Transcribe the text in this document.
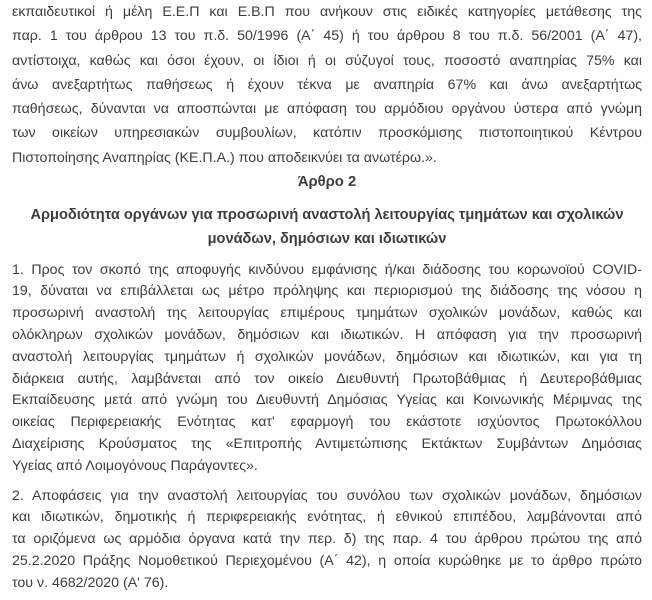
εκπαιδευτικοί ή μέλη Ε.Ε.Π και Ε.Β.Π που ανήκουν στις ειδικές κατηγορίες μετάθεσης της
παρ. 1 του άρθρου 13 του π.δ. 50/1996 (Α΄ 45) ή του άρθρου 8 του π.δ. 56/2001 (Α΄ 47),
αντίστοιχα, καθώς και όσοι έχουν, οι ίδιοι ή οι σύζυγοί τους, ποσοστό αναπηρίας 75% και
άνω ανεξαρτήτως παθήσεως ή έχουν τέκνα με αναπηρία 67% και άνω ανεξαρτήτως
παθήσεως, δύνανται να αποσπώνται με απόφαση του αρμόδιου οργάνου ύστερα από γνώμη
των οικείων υπηρεσιακών συμβουλίων, κατόπιν προσκόμισης πιστοποιητικού Κέντρου
Πιστοποίησης Αναπηρίας (ΚΕ.Π.Α.) που αποδεικνύει τα ανωτέρω.».
Άρθρο 2
Αρμοδιότητα οργάνων για προσωρινή αναστολή λειτουργίας τμημάτων και σχολικών
μονάδων, δημόσιων και ιδιωτικών
1. Προς τον σκοπό της αποφυγής κινδύνου εμφάνισης ή/και διάδοσης του κορωνοϊού COVID-
19, δύναται να επιβάλλεται ως μέτρο πρόληψης και περιορισμού της διάδοσης της νόσου η
προσωρινή αναστολή της λειτουργίας επιμέρους τμημάτων σχολικών μονάδων, καθώς και
ολόκληρων σχολικών μονάδων, δημόσιων και ιδιωτικών. Η απόφαση για την προσωρινή
αναστολή λειτουργίας τμημάτων ή σχολικών μονάδων, δημόσιων και ιδιωτικών, και για τη
διάρκεια αυτής, λαμβάνεται από τον οικείο Διευθυντή Πρωτοβάθμιας ή Δευτεροβάθμιας
Εκπαίδευσης μετά από γνώμη του Διευθυντή Δημόσιας Υγείας και Κοινωνικής Μέριμνας της
οικείας Περιφερειακής Ενότητας κατ' εφαρμογή του εκάστοτε ισχύοντος Πρωτοκόλλου
Διαχείρισης Κρούσματος της «Επιτροπής Αντιμετώπισης Εκτάκτων Συμβάντων Δημόσιας
Υγείας από Λοιμογόνους Παράγοντες».
2. Αποφάσεις για την αναστολή λειτουργίας του συνόλου των σχολικών μονάδων, δημόσιων
και ιδιωτικών, δημοτικής ή περιφερειακής ενότητας, ή εθνικού επιπέδου, λαμβάνονται από
τα οριζόμενα ως αρμόδια όργανα κατά την περ. δ) της παρ. 4 του άρθρου πρώτου της από
25.2.2020 Πράξης Νομοθετικού Περιεχομένου (Α΄ 42), η οποία κυρώθηκε με το άρθρο πρώτο
του ν. 4682/2020 (Α' 76).
